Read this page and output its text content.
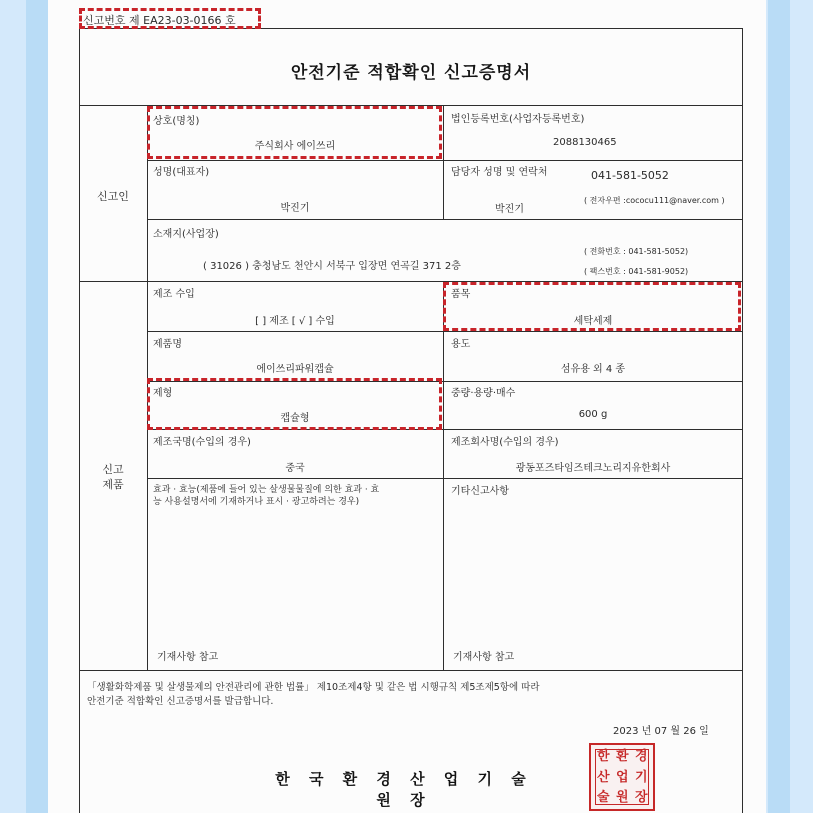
신고번호 제 EA23-03-0166 호
안전기준 적합확인 신고증명서
신고인
상호(명칭)
주식회사 에이쓰리
법인등록번호(사업자등록번호)
2088130465
성명(대표자)
박진기
담당자 성명 및 연락처	041-581-5052
박진기
( 전자우편 :cococu111@naver.com )
소재지(사업장)
( 31026 ) 충청남도 천안시 서북구 입장면 연곡길 371 2층
( 전화번호 : 041-581-5052)
( 팩스번호 : 041-581-9052)
신고
제품
제조 수입
[ ] 제조 [ √ ] 수입
품목
세탁세제
제품명
에이쓰리파워캡슐
용도
섬유용 외 4 종
제형
캡슐형
중량·용량·매수
600 g
제조국명(수입의 경우)
중국
제조회사명(수입의 경우)
광동포즈타임즈테크노리지유한회사
효과 · 효능(제품에 들어 있는 살생물물질에 의한 효과 · 효
능 사용설명서에 기재하거나 표시 · 광고하려는 경우)
기타신고사항
기재사항 참고	기재사항 참고
「생활화학제품 및 살생물제의 안전관리에 관한 법률」 제10조제4항 및 같은 법 시행규칙 제5조제5항에 따라
안전기준 적합확인 신고증명서를 발급합니다.
2023 년 07 월 26 일
한 국 환 경 산 업 기 술 원 장
한 환 경
산 업 기
술 원 장
